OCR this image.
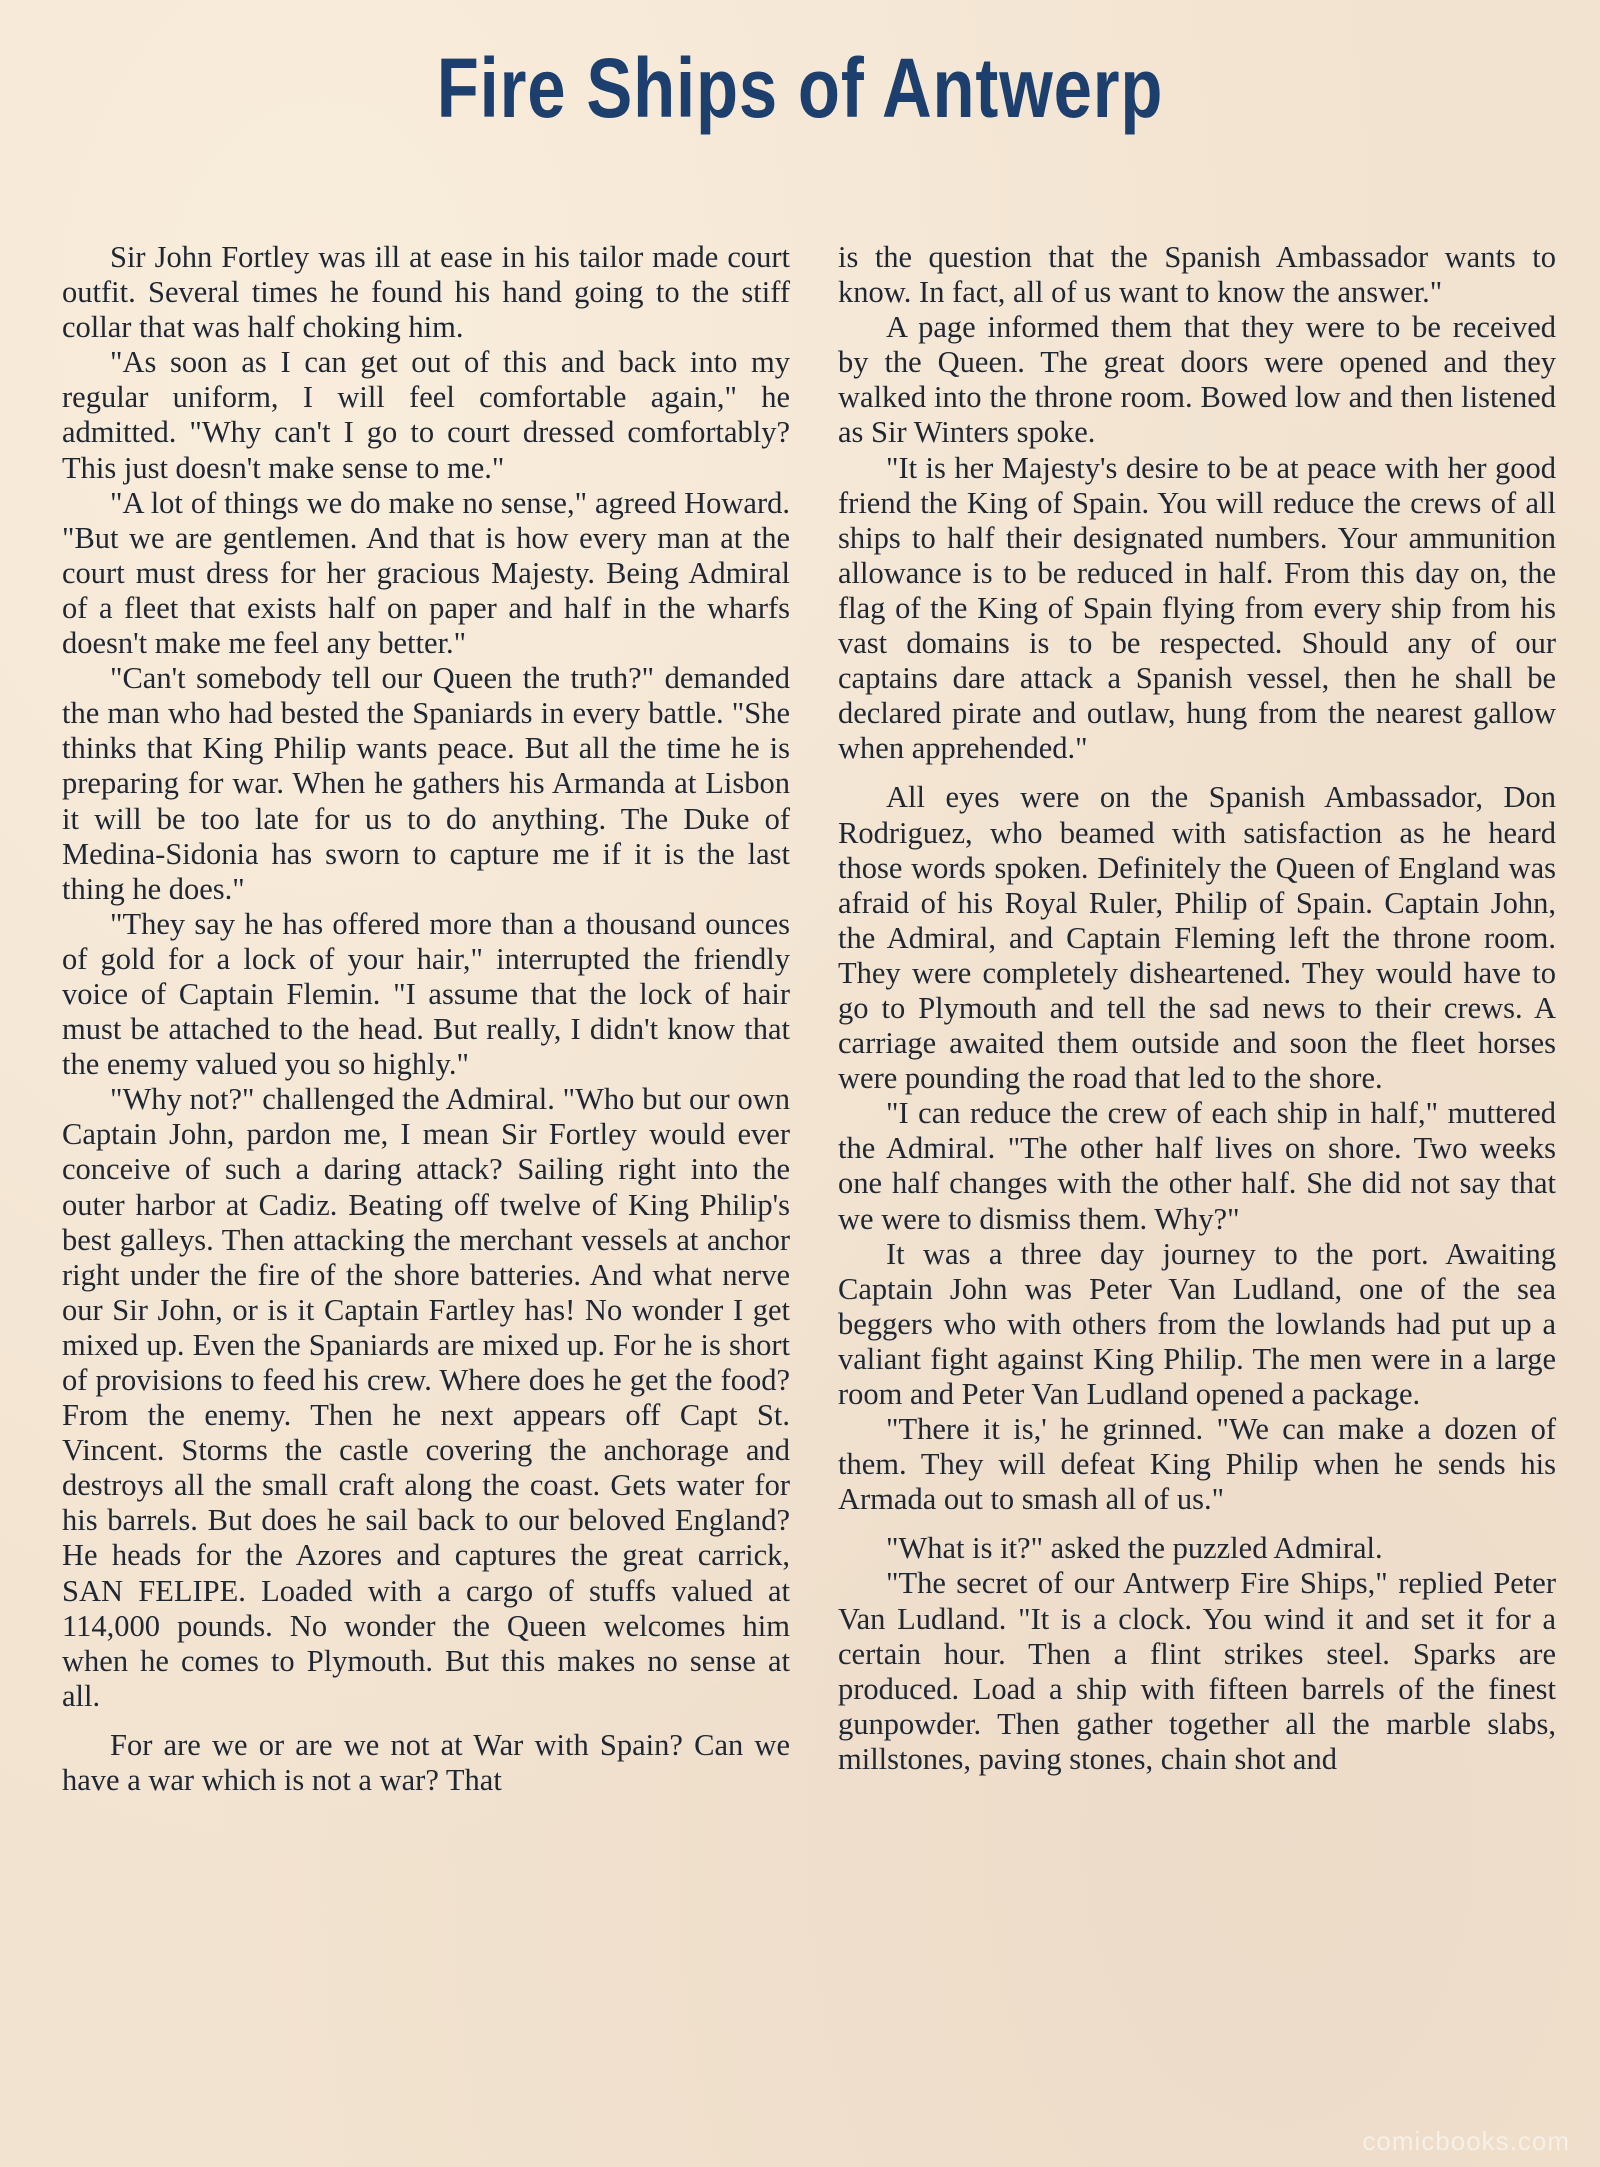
Fire Ships of Antwerp

Sir John Fortley was ill at ease in his tailor made court outfit. Several times he found his hand going to the stiff collar that was half choking him.

"As soon as I can get out of this and back into my regular uniform, I will feel comfortable again," he admitted. "Why can't I go to court dressed comfortably? This just doesn't make sense to me."

"A lot of things we do make no sense," agreed Howard. "But we are gentlemen. And that is how every man at the court must dress for her gracious Majesty. Being Admiral of a fleet that exists half on paper and half in the wharfs doesn't make me feel any better."

"Can't somebody tell our Queen the truth?" demanded the man who had bested the Spaniards in every battle. "She thinks that King Philip wants peace. But all the time he is preparing for war. When he gathers his Armanda at Lisbon it will be too late for us to do anything. The Duke of Medina-Sidonia has sworn to capture me if it is the last thing he does."

"They say he has offered more than a thousand ounces of gold for a lock of your hair," interrupted the friendly voice of Captain Flemin. "I assume that the lock of hair must be attached to the head. But really, I didn't know that the enemy valued you so highly."

"Why not?" challenged the Admiral. "Who but our own Captain John, pardon me, I mean Sir Fortley would ever conceive of such a daring attack? Sailing right into the outer harbor at Cadiz. Beating off twelve of King Philip's best galleys. Then attacking the merchant vessels at anchor right under the fire of the shore batteries. And what nerve our Sir John, or is it Captain Fartley has! No wonder I get mixed up. Even the Spaniards are mixed up. For he is short of provisions to feed his crew. Where does he get the food? From the enemy. Then he next appears off Capt St. Vincent. Storms the castle covering the anchorage and destroys all the small craft along the coast. Gets water for his barrels. But does he sail back to our beloved England? He heads for the Azores and captures the great carrick, SAN FELIPE. Loaded with a cargo of stuffs valued at 114,000 pounds. No wonder the Queen welcomes him when he comes to Plymouth. But this makes no sense at all.

For are we or are we not at War with Spain? Can we have a war which is not a war? That

is the question that the Spanish Ambassador wants to know. In fact, all of us want to know the answer."

A page informed them that they were to be received by the Queen. The great doors were opened and they walked into the throne room. Bowed low and then listened as Sir Winters spoke.

"It is her Majesty's desire to be at peace with her good friend the King of Spain. You will reduce the crews of all ships to half their designated numbers. Your ammunition allowance is to be reduced in half. From this day on, the flag of the King of Spain flying from every ship from his vast domains is to be respected. Should any of our captains dare attack a Spanish vessel, then he shall be declared pirate and outlaw, hung from the nearest gallow when apprehended."

All eyes were on the Spanish Ambassador, Don Rodriguez, who beamed with satisfaction as he heard those words spoken. Definitely the Queen of England was afraid of his Royal Ruler, Philip of Spain. Captain John, the Admiral, and Captain Fleming left the throne room. They were completely disheartened. They would have to go to Plymouth and tell the sad news to their crews. A carriage awaited them outside and soon the fleet horses were pounding the road that led to the shore.

"I can reduce the crew of each ship in half," muttered the Admiral. "The other half lives on shore. Two weeks one half changes with the other half. She did not say that we were to dismiss them. Why?"

It was a three day journey to the port. Awaiting Captain John was Peter Van Ludland, one of the sea beggers who with others from the lowlands had put up a valiant fight against King Philip. The men were in a large room and Peter Van Ludland opened a package.

"There it is,' he grinned. "We can make a dozen of them. They will defeat King Philip when he sends his Armada out to smash all of us."

"What is it?" asked the puzzled Admiral.

"The secret of our Antwerp Fire Ships," replied Peter Van Ludland. "It is a clock. You wind it and set it for a certain hour. Then a flint strikes steel. Sparks are produced. Load a ship with fifteen barrels of the finest gunpowder. Then gather together all the marble slabs, millstones, paving stones, chain shot and

comicbooks.com
